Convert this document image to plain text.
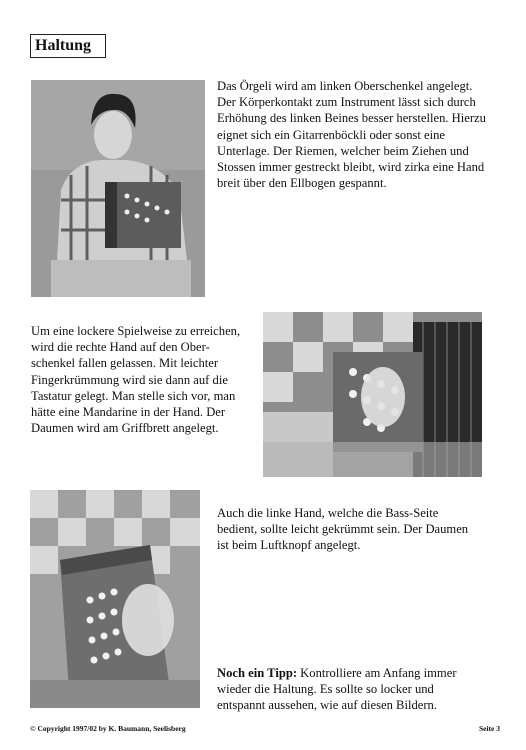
Haltung

Das Örgeli wird am linken Oberschenkel angelegt. Der Körperkontakt zum Instrument lässt sich durch Erhöhung des linken Beines besser herstellen. Hierzu eignet sich ein Gitarrenböckli oder sonst eine Unterlage. Der Riemen, welcher beim Ziehen und Stossen immer gestreckt bleibt, wird zirka eine Hand breit über den Ellbogen gespannt.

Um eine lockere Spielweise zu erreichen, wird die rechte Hand auf den Ober-schenkel fallen gelassen. Mit leichter Fingerkrümmung wird sie dann auf die Tastatur gelegt. Man stelle sich vor, man hätte eine Mandarine in der Hand. Der Daumen wird am Griffbrett angelegt.

Auch die linke Hand, welche die Bass-Seite bedient, sollte leicht gekrümmt sein. Der Daumen ist beim Luftknopf angelegt.

Noch ein Tipp: Kontrolliere am Anfang immer wieder die Haltung. Es sollte so locker und entspannt aussehen, wie auf diesen Bildern.

© Copyright 1997/02 by K. Baumann, Seelisberg	Seite 3
